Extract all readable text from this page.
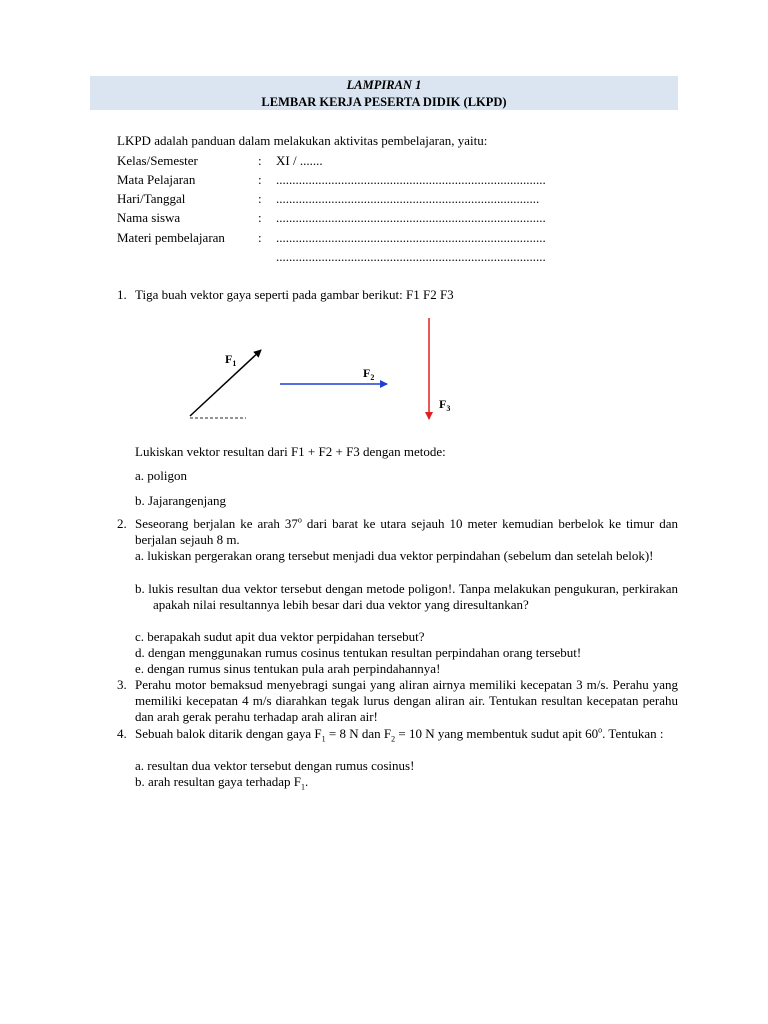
LAMPIRAN 1
LEMBAR KERJA PESERTA DIDIK (LKPD)
LKPD adalah panduan dalam melakukan aktivitas pembelajaran, yaitu:
Kelas/Semester	: XI / .......
Mata Pelajaran	: ...................................................................................
Hari/Tanggal	: .................................................................................
Nama siswa	: ...................................................................................
Materi pembelajaran	: ...................................................................................
...................................................................................
1. Tiga buah vektor gaya seperti pada gambar berikut: F1 F2 F3
$F_1$
$F_2$
$F_3$
Lukiskan vektor resultan dari F1 + F2 + F3 dengan metode:
a. poligon
b. Jajarangenjang
2. Seseorang berjalan ke arah 37$^o$ dari barat ke utara sejauh 10 meter kemudian berbelok ke timur dan berjalan sejauh 8 m.
a. lukiskan pergerakan orang tersebut menjadi dua vektor perpindahan (sebelum dan setelah belok)!
b. lukis resultan dua vektor tersebut dengan metode poligon!. Tanpa melakukan pengukuran, perkirakan apakah nilai resultannya lebih besar dari dua vektor yang diresultankan?
c. berapakah sudut apit dua vektor perpidahan tersebut?
d. dengan menggunakan rumus cosinus tentukan resultan perpindahan orang tersebut!
e. dengan rumus sinus tentukan pula arah perpindahannya!
3. Perahu motor bemaksud menyebragi sungai yang aliran airnya memiliki kecepatan 3 m/s. Perahu yang memiliki kecepatan 4 m/s diarahkan tegak lurus dengan aliran air. Tentukan resultan kecepatan perahu dan arah gerak perahu terhadap arah aliran air!
4. Sebuah balok ditarik dengan gaya $F_1 = 8$ N dan $F_2 = 10$ N yang membentuk sudut apit 60$^o$. Tentukan :
a. resultan dua vektor tersebut dengan rumus cosinus!
b. arah resultan gaya terhadap $F_1$.
